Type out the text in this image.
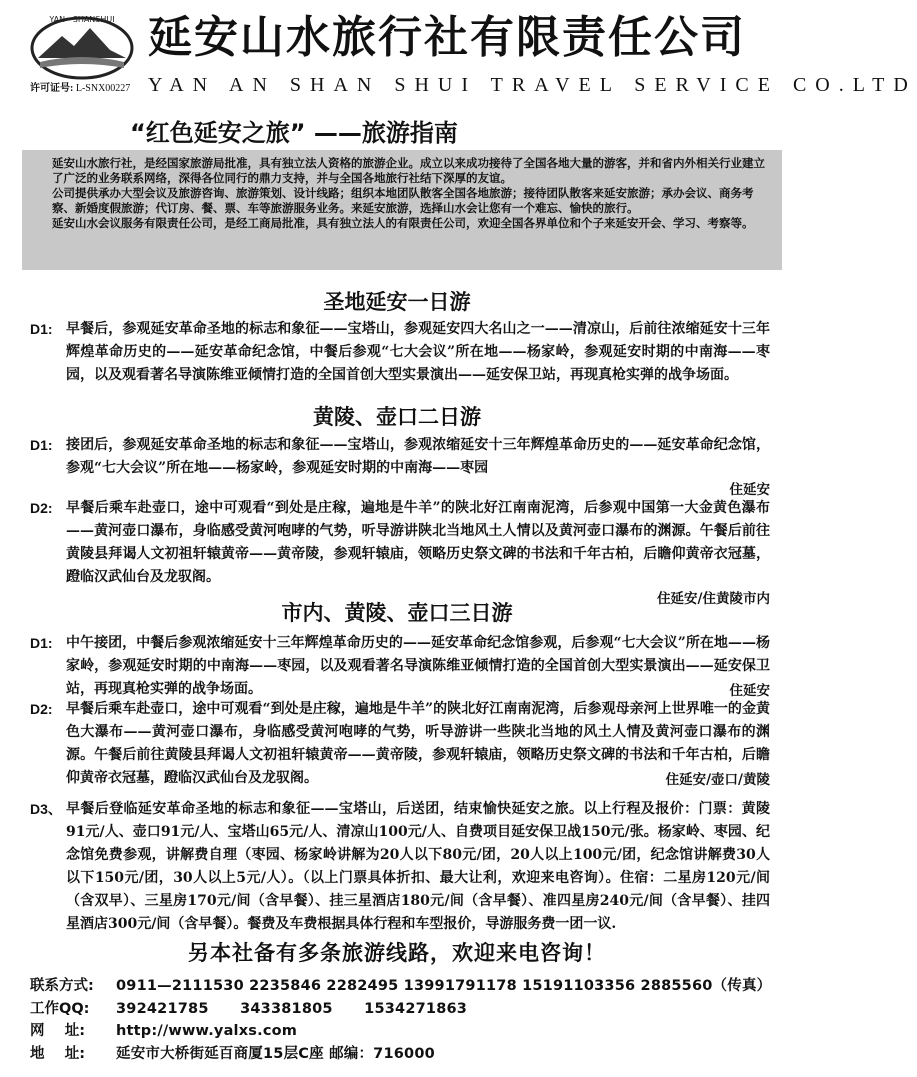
YAN · SHANSHUI 延安山水旅行社有限责任公司
许可证号: L-SNX00227 YAN AN SHAN SHUI TRAVEL SERVICE CO.LTD
“红色延安之旅” ——旅游指南

延安山水旅行社，是经国家旅游局批准，具有独立法人资格的旅游企业。成立以来成功接待了全国各地大量的游客，并和省内外相关行业建立了广泛的业务联系网络，深得各位同行的鼎力支持，并与全国各地旅行社结下深厚的友谊。

公司提供承办大型会议及旅游咨询、旅游策划、设计线路；组织本地团队散客全国各地旅游；接待团队散客来延安旅游；承办会议、商务考察、新婚度假旅游；代订房、餐、票、车等旅游服务业务。来延安旅游，选择山水会让您有一个难忘、愉快的旅行。

延安山水会议服务有限责任公司，是经工商局批准，具有独立法人的有限责任公司，欢迎全国各界单位和个子来延安开会、学习、考察等。

圣地延安一日游
D1: 早餐后，参观延安革命圣地的标志和象征——宝塔山，参观延安四大名山之一——清凉山，后前往浓缩延安十三年辉煌革命历史的——延安革命纪念馆，中餐后参观“七大会议”所在地——杨家岭，参观延安时期的中南海——枣园，以及观看著名导演陈维亚倾情打造的全国首创大型实景演出——延安保卫站，再现真枪实弹的战争场面。
黄陵、壶口二日游
D1: 接团后，参观延安革命圣地的标志和象征——宝塔山，参观浓缩延安十三年辉煌革命历史的——延安革命纪念馆，参观“七大会议”所在地——杨家岭，参观延安时期的中南海——枣园
住延安
D2: 早餐后乘车赴壶口，途中可观看“到处是庄稼，遍地是牛羊”的陕北好江南南泥湾，后参观中国第一大金黄色瀑布——黄河壶口瀑布，身临感受黄河咆哮的气势，听导游讲陕北当地风土人情以及黄河壶口瀑布的渊源。午餐后前往黄陵县拜谒人文初祖轩辕黄帝——黄帝陵，参观轩辕庙，领略历史祭文碑的书法和千年古柏，后瞻仰黄帝衣冠墓，蹬临汉武仙台及龙驭阁。
住延安/住黄陵市内
市内、黄陵、壶口三日游
D1: 中午接团，中餐后参观浓缩延安十三年辉煌革命历史的——延安革命纪念馆参观，后参观“七大会议”所在地——杨家岭，参观延安时期的中南海——枣园，以及观看著名导演陈维亚倾情打造的全国首创大型实景演出——延安保卫站，再现真枪实弹的战争场面。	住延安
D2: 早餐后乘车赴壶口，途中可观看“到处是庄稼，遍地是牛羊”的陕北好江南南泥湾，后参观母亲河上世界唯一的金黄色大瀑布——黄河壶口瀑布，身临感受黄河咆哮的气势，听导游讲一些陕北当地的风土人情及黄河壶口瀑布的渊源。午餐后前往黄陵县拜谒人文初祖轩辕黄帝——黄帝陵，参观轩辕庙，领略历史祭文碑的书法和千年古柏，后瞻仰黄帝衣冠墓，蹬临汉武仙台及龙驭阁。	住延安/壶口/黄陵
D3、 早餐后登临延安革命圣地的标志和象征——宝塔山，后送团，结束愉快延安之旅。以上行程及报价：门票：黄陵91元/人、壶口91元/人、宝塔山65元/人、清凉山100元/人、自费项目延安保卫战150元/张。杨家岭、枣园、纪念馆免费参观，讲解费自理（枣园、杨家岭讲解为20人以下80元/团，20人以上100元/团，纪念馆讲解费30人以下150元/团，30人以上5元/人）。（以上门票具体折扣、最大让利，欢迎来电咨询）。住宿：二星房120元/间（含双早）、三星房170元/间（含早餐）、挂三星酒店180元/间（含早餐）、准四星房240元/间（含早餐）、挂四星酒店300元/间（含早餐）。餐费及车费根据具体行程和车型报价，导游服务费一团一议.
另本社备有多条旅游线路，欢迎来电咨询！
联系方式: 0911—2111530 2235846 2282495 13991791178 15191103356 2885560（传真）
工作QQ: 392421785      343381805      1534271863
网    址: http://www.yalxs.com
地    址: 延安市大桥街延百商厦15层C座 邮编：716000
